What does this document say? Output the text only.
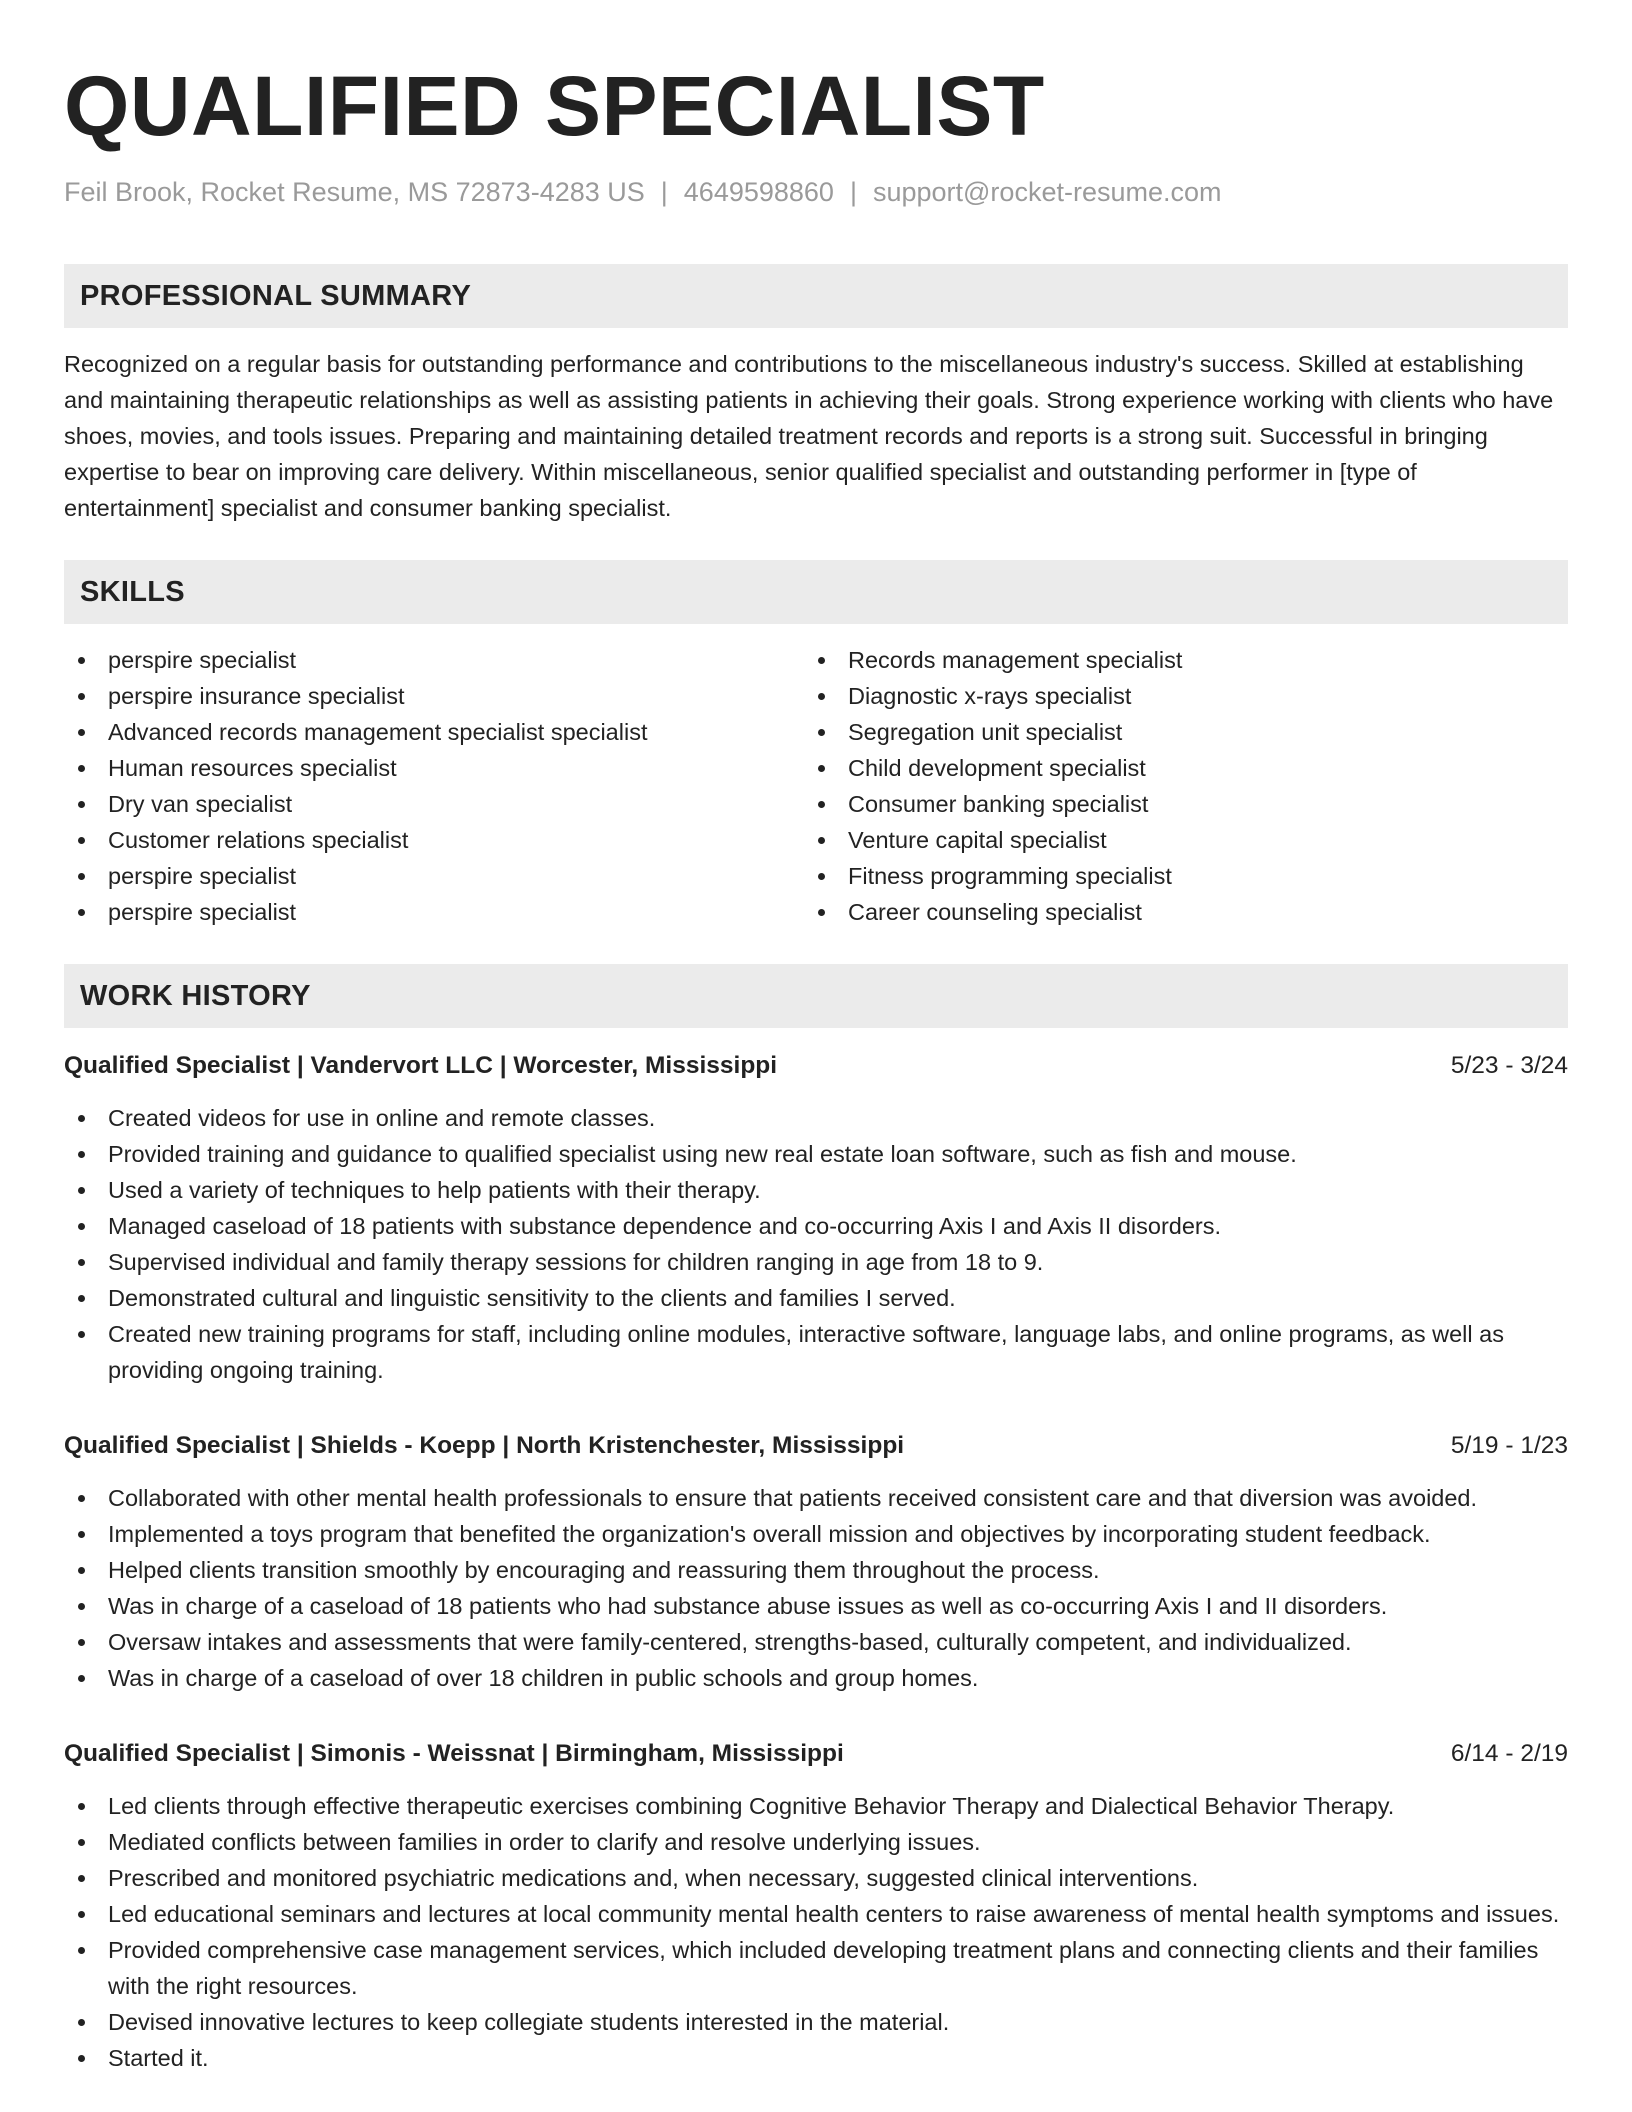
QUALIFIED SPECIALIST
Feil Brook, Rocket Resume, MS 72873-4283 US | 4649598860 | support@rocket-resume.com
PROFESSIONAL SUMMARY
Recognized on a regular basis for outstanding performance and contributions to the miscellaneous industry's success. Skilled at establishing and maintaining therapeutic relationships as well as assisting patients in achieving their goals. Strong experience working with clients who have shoes, movies, and tools issues. Preparing and maintaining detailed treatment records and reports is a strong suit. Successful in bringing expertise to bear on improving care delivery. Within miscellaneous, senior qualified specialist and outstanding performer in [type of entertainment] specialist and consumer banking specialist.
SKILLS
perspire specialist
perspire insurance specialist
Advanced records management specialist specialist
Human resources specialist
Dry van specialist
Customer relations specialist
perspire specialist
perspire specialist
Records management specialist
Diagnostic x-rays specialist
Segregation unit specialist
Child development specialist
Consumer banking specialist
Venture capital specialist
Fitness programming specialist
Career counseling specialist
WORK HISTORY
Qualified Specialist | Vandervort LLC | Worcester, Mississippi	5/23 - 3/24
Created videos for use in online and remote classes.
Provided training and guidance to qualified specialist using new real estate loan software, such as fish and mouse.
Used a variety of techniques to help patients with their therapy.
Managed caseload of 18 patients with substance dependence and co-occurring Axis I and Axis II disorders.
Supervised individual and family therapy sessions for children ranging in age from 18 to 9.
Demonstrated cultural and linguistic sensitivity to the clients and families I served.
Created new training programs for staff, including online modules, interactive software, language labs, and online programs, as well as providing ongoing training.
Qualified Specialist | Shields - Koepp | North Kristenchester, Mississippi	5/19 - 1/23
Collaborated with other mental health professionals to ensure that patients received consistent care and that diversion was avoided.
Implemented a toys program that benefited the organization's overall mission and objectives by incorporating student feedback.
Helped clients transition smoothly by encouraging and reassuring them throughout the process.
Was in charge of a caseload of 18 patients who had substance abuse issues as well as co-occurring Axis I and II disorders.
Oversaw intakes and assessments that were family-centered, strengths-based, culturally competent, and individualized.
Was in charge of a caseload of over 18 children in public schools and group homes.
Qualified Specialist | Simonis - Weissnat | Birmingham, Mississippi	6/14 - 2/19
Led clients through effective therapeutic exercises combining Cognitive Behavior Therapy and Dialectical Behavior Therapy.
Mediated conflicts between families in order to clarify and resolve underlying issues.
Prescribed and monitored psychiatric medications and, when necessary, suggested clinical interventions.
Led educational seminars and lectures at local community mental health centers to raise awareness of mental health symptoms and issues.
Provided comprehensive case management services, which included developing treatment plans and connecting clients and their families with the right resources.
Devised innovative lectures to keep collegiate students interested in the material.
Started it.
